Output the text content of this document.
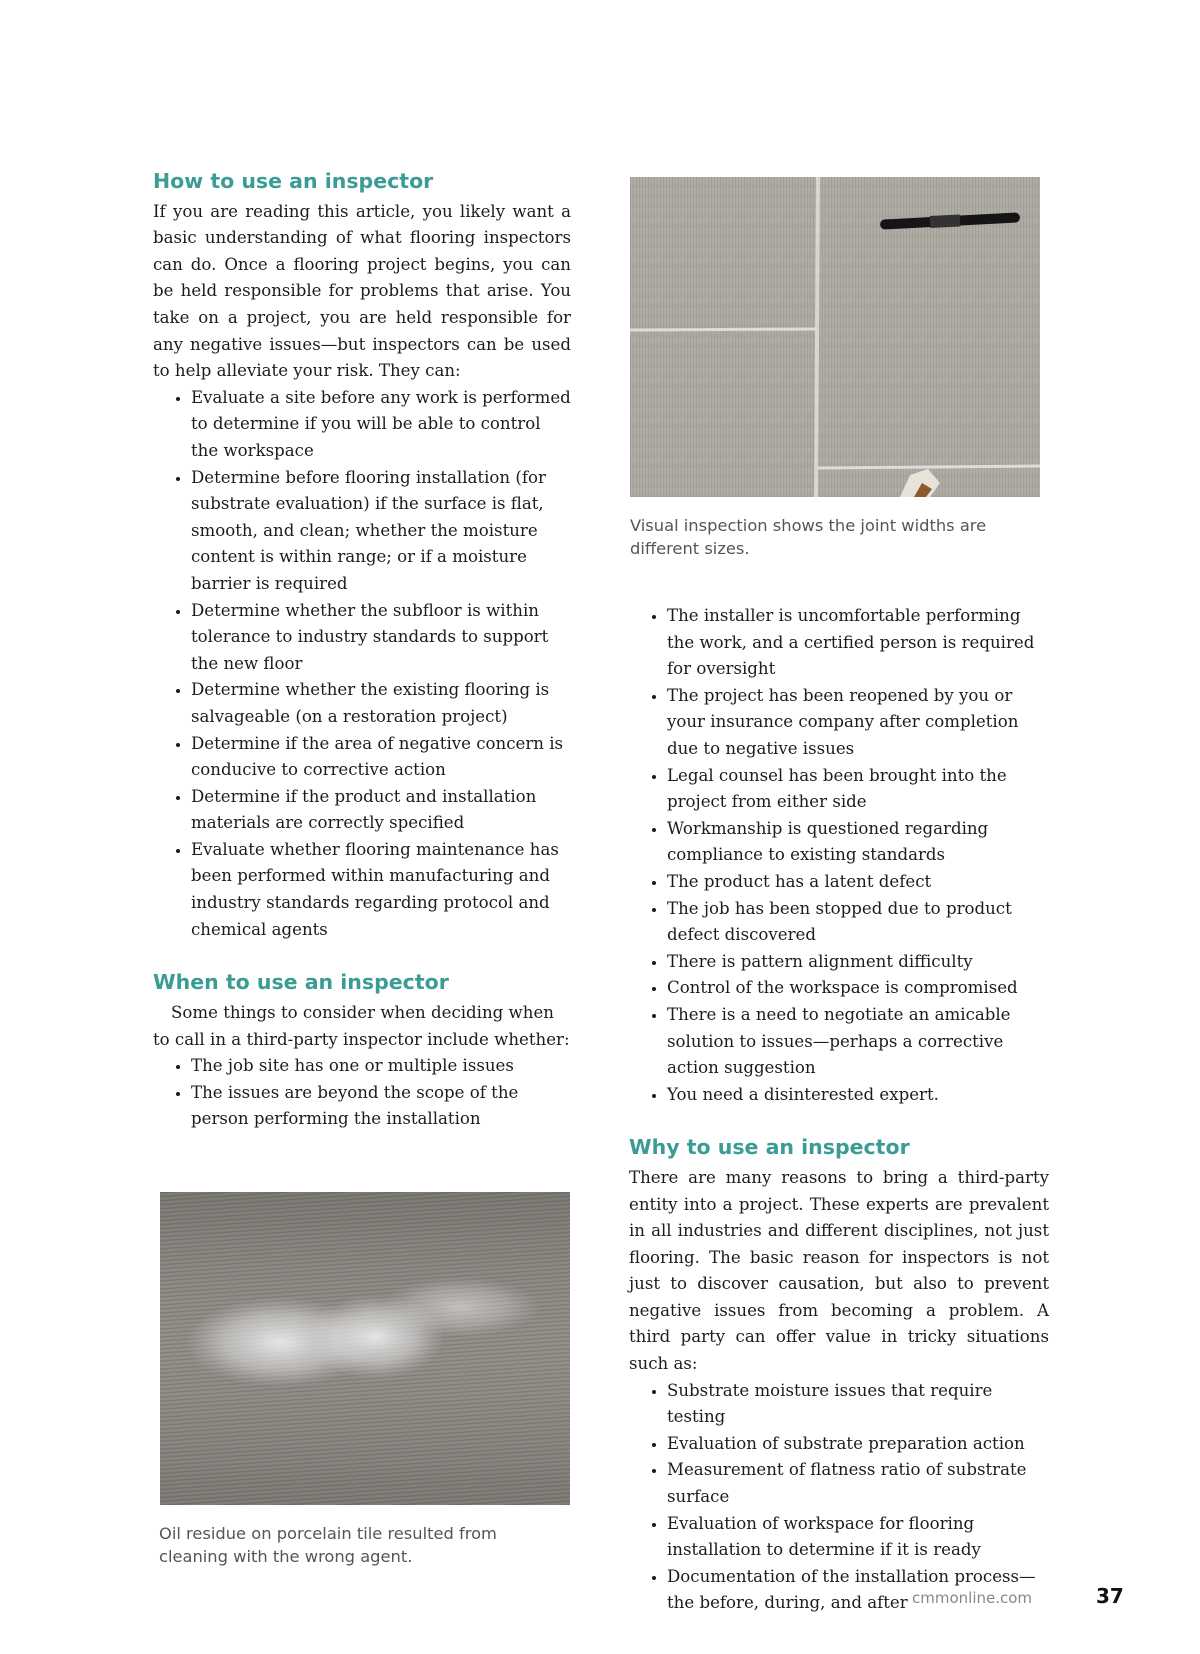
How to use an inspector

If you are reading this article, you likely want a basic understanding of what flooring inspectors can do. Once a flooring project begins, you can be held responsible for problems that arise. You take on a project, you are held responsible for any negative issues—but inspectors can be used to help alleviate your risk. They can:

• Evaluate a site before any work is performed to determine if you will be able to control the workspace
• Determine before flooring installation (for substrate evaluation) if the surface is flat, smooth, and clean; whether the moisture content is within range; or if a moisture barrier is required
• Determine whether the subfloor is within tolerance to industry standards to support the new floor
• Determine whether the existing flooring is salvageable (on a restoration project)
• Determine if the area of negative concern is conducive to corrective action
• Determine if the product and installation materials are correctly specified
• Evaluate whether flooring maintenance has been performed within manufacturing and industry standards regarding protocol and chemical agents
When to use an inspector

Some things to consider when deciding when to call in a third-party inspector include whether:

• The job site has one or multiple issues
• The issues are beyond the scope of the person performing the installation
Visual inspection shows the joint widths are different sizes.
• The installer is uncomfortable performing the work, and a certified person is required for oversight
• The project has been reopened by you or your insurance company after completion due to negative issues
• Legal counsel has been brought into the project from either side
• Workmanship is questioned regarding compliance to existing standards
• The product has a latent defect
• The job has been stopped due to product defect discovered
• There is pattern alignment difficulty
• Control of the workspace is compromised
• There is a need to negotiate an amicable solution to issues—perhaps a corrective action suggestion
• You need a disinterested expert.
Why to use an inspector

There are many reasons to bring a third-party entity into a project. These experts are prevalent in all industries and different disciplines, not just flooring. The basic reason for inspectors is not just to discover causation, but also to prevent negative issues from becoming a problem. A third party can offer value in tricky situations such as:

• Substrate moisture issues that require testing
• Evaluation of substrate preparation action
• Measurement of flatness ratio of substrate surface
• Evaluation of workspace for flooring installation to determine if it is ready
• Documentation of the installation process—the before, during, and after
Oil residue on porcelain tile resulted from cleaning with the wrong agent.
cmmonline.com	37
